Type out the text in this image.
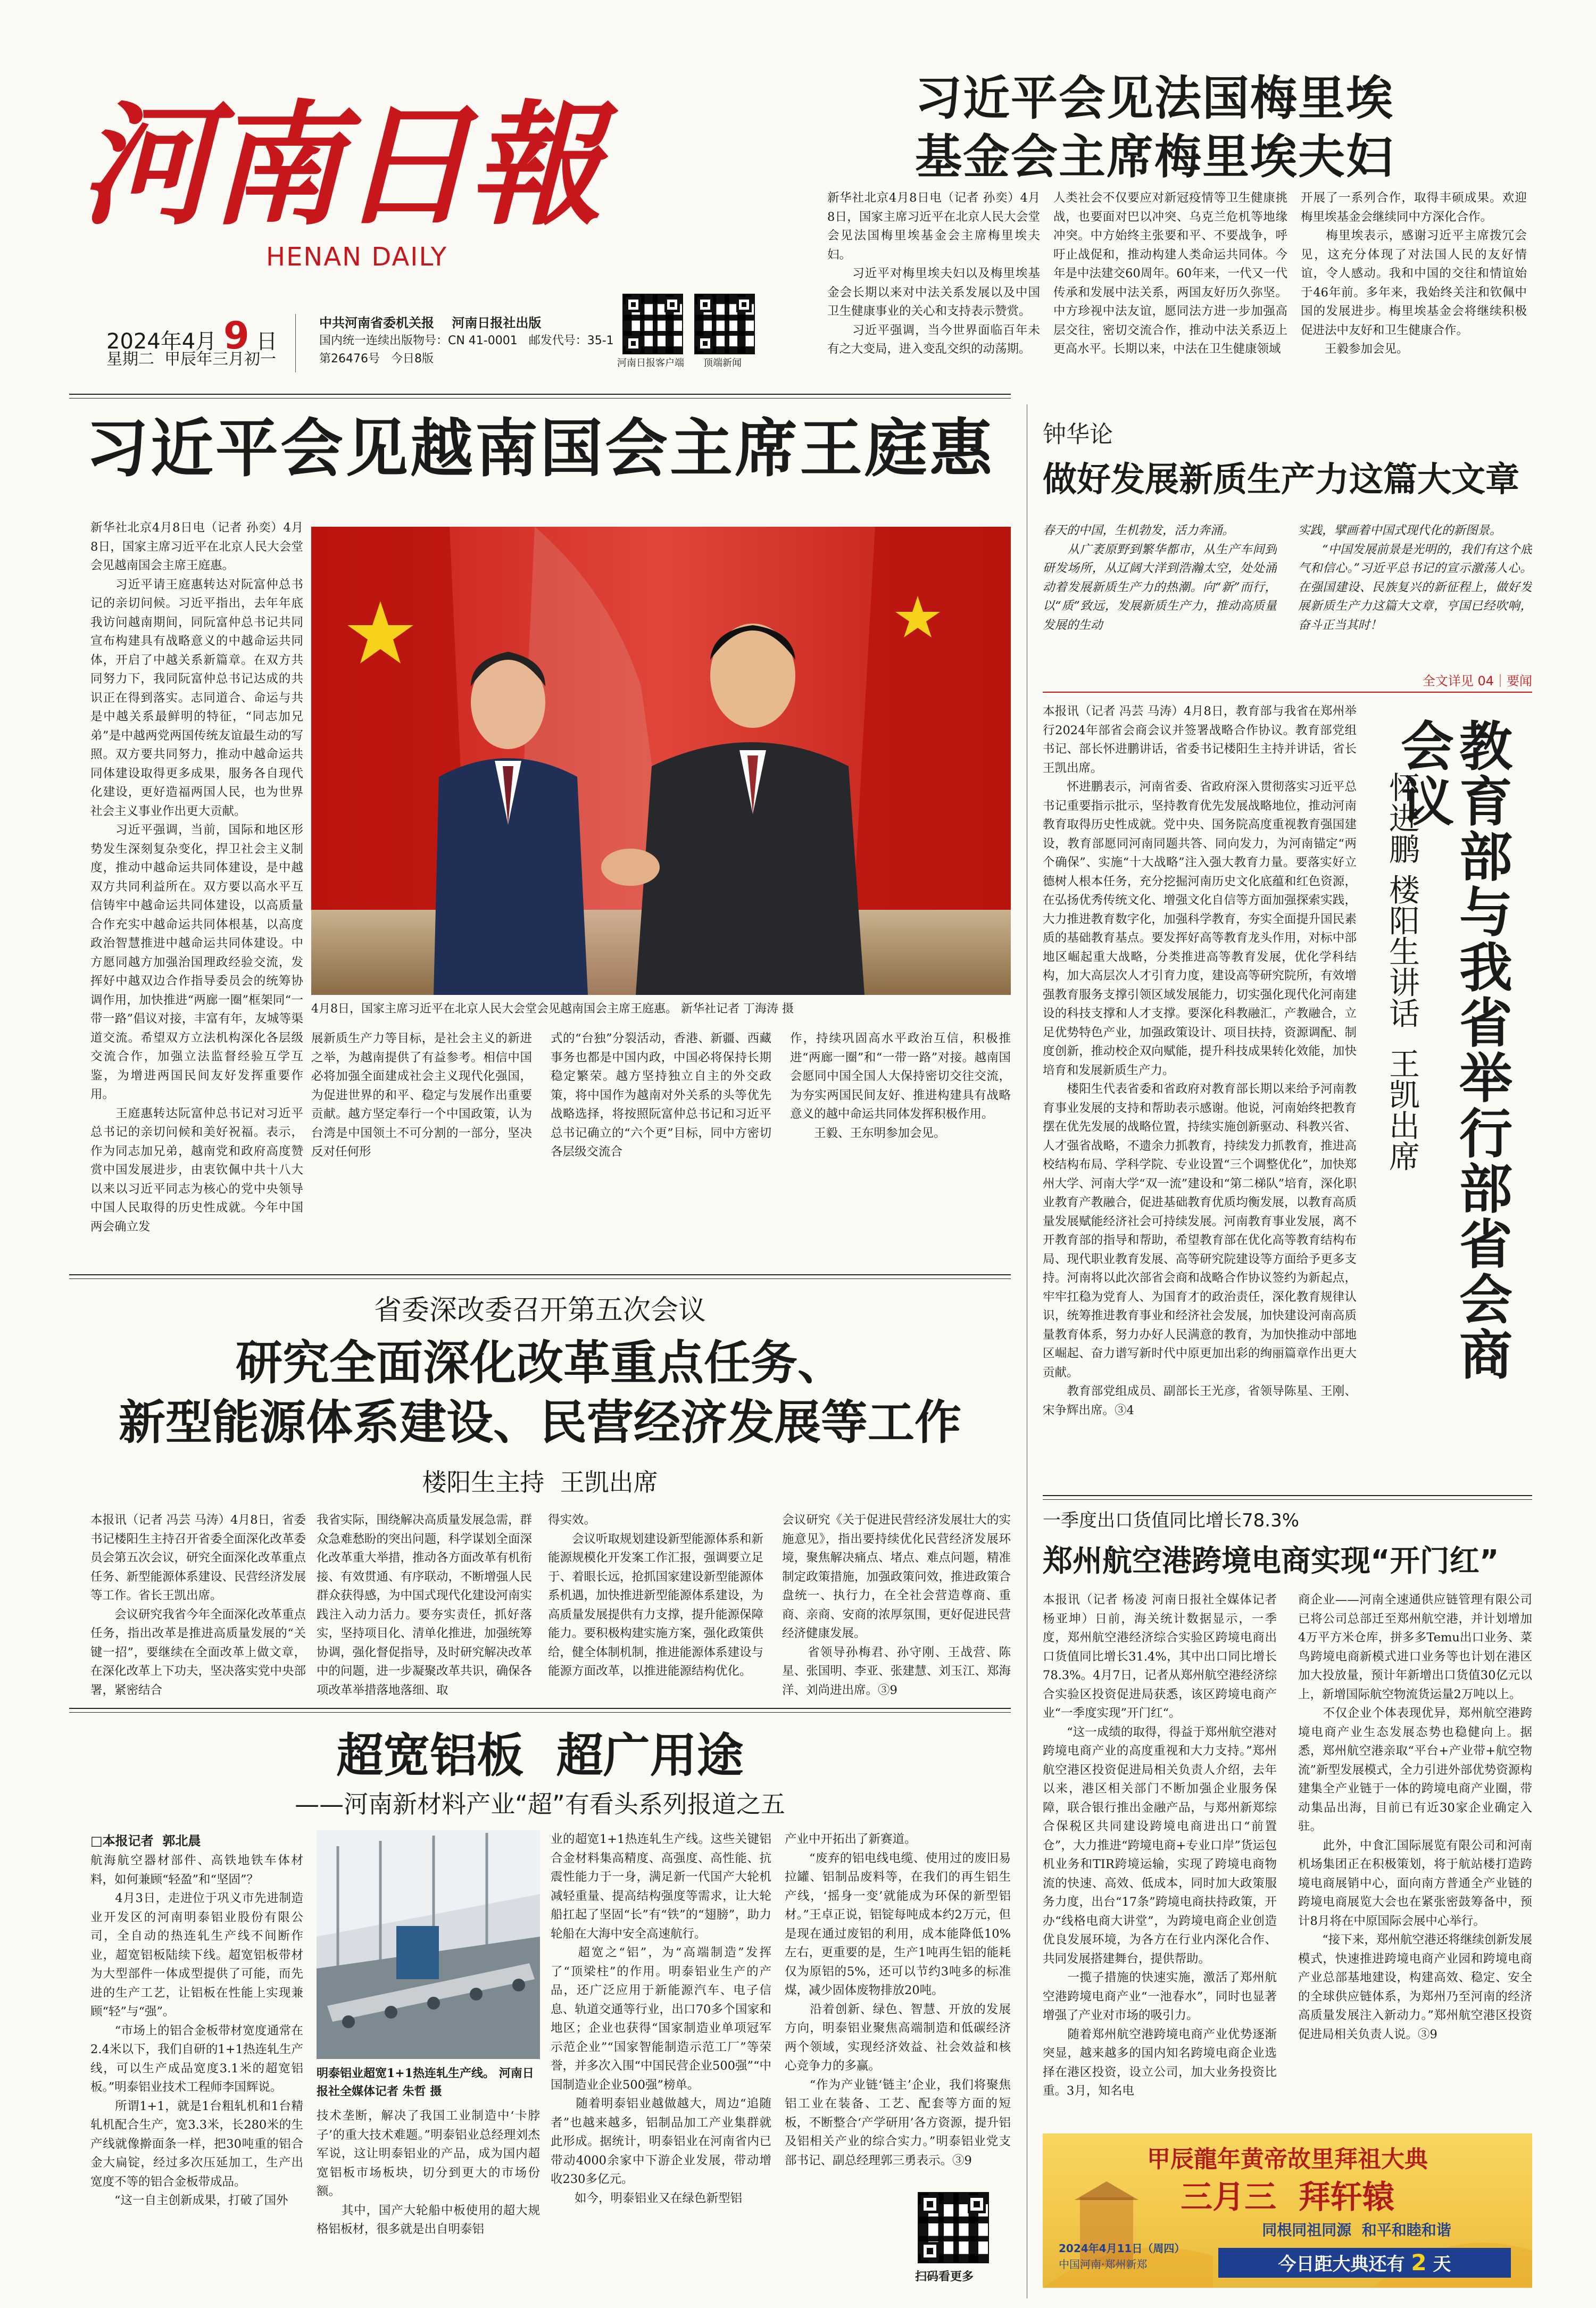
河南日報
HENAN DAILY
2024年4月 9 日
星期二  甲辰年三月初一
中共河南省委机关报    河南日报社出版
国内统一连续出版物号：CN 41-0001   邮发代号：35-1
第26476号   今日8版	河南日报客户端 顶端新闻
习近平会见法国梅里埃
基金会主席梅里埃夫妇
新华社北京4月8日电（记者 孙奕）4月8日，国家主席习近平在北京人民大会堂会见法国梅里埃基金会主席梅里埃夫妇。
　　习近平对梅里埃夫妇以及梅里埃基金会长期以来对中法关系发展以及中国卫生健康事业的关心和支持表示赞赏。
　　习近平强调，当今世界面临百年未有之大变局，进入变乱交织的动荡期。
人类社会不仅要应对新冠疫情等卫生健康挑战，也要面对巴以冲突、乌克兰危机等地缘冲突。中方始终主张要和平、不要战争，呼吁止战促和，推动构建人类命运共同体。今年是中法建交60周年。60年来，一代又一代传承和发展中法关系，两国友好历久弥坚。中方珍视中法友谊，愿同法方进一步加强高层交往，密切交流合作，推动中法关系迈上更高水平。长期以来，中法在卫生健康领域
开展了一系列合作，取得丰硕成果。欢迎梅里埃基金会继续同中方深化合作。
　　梅里埃表示，感谢习近平主席拨冗会见，这充分体现了对法国人民的友好情谊，令人感动。我和中国的交往和情谊始于46年前。多年来，我始终关注和钦佩中国的发展进步。梅里埃基金会将继续积极促进法中友好和卫生健康合作。
　　王毅参加会见。
习近平会见越南国会主席王庭惠
新华社北京4月8日电（记者 孙奕）4月8日，国家主席习近平在北京人民大会堂会见越南国会主席王庭惠。
　　习近平请王庭惠转达对阮富仲总书记的亲切问候。习近平指出，去年年底我访问越南期间，同阮富仲总书记共同宣布构建具有战略意义的中越命运共同体，开启了中越关系新篇章。在双方共同努力下，我同阮富仲总书记达成的共识正在得到落实。志同道合、命运与共是中越关系最鲜明的特征，“同志加兄弟”是中越两党两国传统友谊最生动的写照。双方要共同努力，推动中越命运共同体建设取得更多成果，服务各自现代化建设，更好造福两国人民，也为世界社会主义事业作出更大贡献。
　　习近平强调，当前，国际和地区形势发生深刻复杂变化，捍卫社会主义制度，推动中越命运共同体建设，是中越双方共同利益所在。双方要以高水平互信铸牢中越命运共同体建设，以高质量合作充实中越命运共同体根基，以高度政治智慧推进中越命运共同体建设。中方愿同越方加强治国理政经验交流，发挥好中越双边合作指导委员会的统筹协调作用，加快推进“两廊一圈”框架同“一带一路”倡议对接，丰富有年，友城等渠道交流。希望双方立法机构深化各层级交流合作，加强立法监督经验互学互鉴，为增进两国民间友好发挥重要作用。
　　王庭惠转达阮富仲总书记对习近平总书记的亲切问候和美好祝福。表示，作为同志加兄弟，越南党和政府高度赞赏中国发展进步，由衷钦佩中共十八大以来以习近平同志为核心的党中央领导中国人民取得的历史性成就。今年中国两会确立发
4月8日，国家主席习近平在北京人民大会堂会见越南国会主席王庭惠。 新华社记者 丁海涛 摄
展新质生产力等目标，是社会主义的新进之举，为越南提供了有益参考。相信中国必将加强全面建成社会主义现代化强国，为促进世界的和平、稳定与发展作出重要贡献。越方坚定奉行一个中国政策，认为台湾是中国领土不可分割的一部分，坚决反对任何形
式的“台独”分裂活动，香港、新疆、西藏事务也都是中国内政，中国必将保持长期稳定繁荣。越方坚持独立自主的外交政策，将中国作为越南对外关系的头等优先战略选择，将按照阮富仲总书记和习近平总书记确立的“六个更”目标，同中方密切各层级交流合
作，持续巩固高水平政治互信，积极推进“两廊一圈”和“一带一路”对接。越南国会愿同中国全国人大保持密切交往交流，为夯实两国民间友好、推进构建具有战略意义的越中命运共同体发挥积极作用。
　　王毅、王东明参加会见。
钟华论
做好发展新质生产力这篇大文章
春天的中国，生机勃发，活力奔涌。
　　从广袤原野到繁华都市，从生产车间到研发场所，从辽阔大洋到浩瀚太空，处处涌动着发展新质生产力的热潮。向“新”而行，以“质”致远，发展新质生产力，推动高质量发展的生动
实践，擘画着中国式现代化的新图景。
　　“中国发展前景是光明的，我们有这个底气和信心。”习近平总书记的宣示激荡人心。在强国建设、民族复兴的新征程上，做好发展新质生产力这篇大文章，亨国已经吹响，奋斗正当其时！
全文详见 04｜要闻
本报讯（记者 冯芸 马涛）4月8日，教育部与我省在郑州举行2024年部省会商会议并签署战略合作协议。教育部党组书记、部长怀进鹏讲话，省委书记楼阳生主持并讲话，省长王凯出席。
　　怀进鹏表示，河南省委、省政府深入贯彻落实习近平总书记重要指示批示，坚持教育优先发展战略地位，推动河南教育取得历史性成就。党中央、国务院高度重视教育强国建设，教育部愿同河南同题共答、同向发力，为河南锚定“两个确保”、实施“十大战略”注入强大教育力量。要落实好立德树人根本任务，充分挖掘河南历史文化底蕴和红色资源，在弘扬优秀传统文化、增强文化自信等方面加强探索实践，大力推进教育数字化，加强科学教育，夯实全面提升国民素质的基础教育基点。要发挥好高等教育龙头作用，对标中部地区崛起重大战略，分类推进高等教育发展，优化学科结构，加大高层次人才引育力度，建设高等研究院所，有效增强教育服务支撑引领区域发展能力，切实强化现代化河南建设的科技支撑和人才支撑。要深化科教融汇，产教融合，立足优势特色产业，加强政策设计、项目扶持，资源调配、制度创新，推动校企双向赋能，提升科技成果转化效能，加快培育和发展新质生产力。
　　楼阳生代表省委和省政府对教育部长期以来给予河南教育事业发展的支持和帮助表示感谢。他说，河南始终把教育摆在优先发展的战略位置，持续实施创新驱动、科教兴省、人才强省战略，不遗余力抓教育，持续发力抓教育，推进高校结构布局、学科学院、专业设置“三个调整优化”，加快郑州大学、河南大学“双一流”建设和“第二梯队”培育，深化职业教育产教融合，促进基础教育优质均衡发展，以教育高质量发展赋能经济社会可持续发展。河南教育事业发展，离不开教育部的指导和帮助，希望教育部在优化高等教育结构布局、现代职业教育发展、高等研究院建设等方面给予更多支持。河南将以此次部省会商和战略合作协议签约为新起点，牢牢扛稳为党育人、为国育才的政治责任，深化教育规律认识，统筹推进教育事业和经济社会发展，加快建设河南高质量教育体系，努力办好人民满意的教育，为加快推动中部地区崛起、奋力谱写新时代中原更加出彩的绚丽篇章作出更大贡献。
　　教育部党组成员、副部长王光彦，省领导陈星、王刚、宋争辉出席。③4
教育部与我省举行部省会商会议
怀进鹏 楼阳生讲话  王凯出席
省委深改委召开第五次会议
研究全面深化改革重点任务、
新型能源体系建设、民营经济发展等工作
楼阳生主持  王凯出席
本报讯（记者 冯芸 马涛）4月8日，省委书记楼阳生主持召开省委全面深化改革委员会第五次会议，研究全面深化改革重点任务、新型能源体系建设、民营经济发展等工作。省长王凯出席。
　　会议研究我省今年全面深化改革重点任务，指出改革是推进高质量发展的“关键一招”，要继续在全面改革上做文章，在深化改革上下功夫，坚决落实党中央部署，紧密结合
我省实际，围绕解决高质量发展急需，群众急难愁盼的突出问题，科学谋划全面深化改革重大举措，推动各方面改革有机衔接、有效贯通、有序联动，不断增强人民群众获得感，为中国式现代化建设河南实践注入动力活力。要夯实责任，抓好落实，坚持项目化、清单化推进，加强统筹协调，强化督促指导，及时研究解决改革中的问题，进一步凝聚改革共识，确保各项改革举措落地落细、取
得实效。
　　会议听取规划建设新型能源体系和新能源规模化开发案工作汇报，强调要立足于、着眼长远，抢抓国家建设新型能源体系机遇，加快推进新型能源体系建设，为高质量发展提供有力支撑，提升能源保障能力。要积极构建实施方案，强化政策供给，健全体制机制，推进能源体系建设与能源方面改革，以推进能源结构优化。
会议研究《关于促进民营经济发展壮大的实施意见》，指出要持续优化民营经济发展环境，聚焦解决痛点、堵点、难点问题，精准制定政策措施，加强政策问效，推进政策合盘统一、执行力，在全社会营造尊商、重商、亲商、安商的浓厚氛围，更好促进民营经济健康发展。
　　省领导孙梅君、孙守刚、王战营、陈星、张国明、李亚、张建慧、刘玉江、郑海洋、刘尚进出席。③9
超宽铝板  超广用途
——河南新材料产业“超”有看头系列报道之五
□本报记者  郭北晨
航海航空器材部件、高铁地铁车体材料，如何兼顾“轻盈”和“坚固”？
　　4月3日，走进位于巩义市先进制造业开发区的河南明泰铝业股份有限公司，全自动的热连轧生产线不间断作业，超宽铝板陆续下线。超宽铝板带材为大型部件一体成型提供了可能，而先进的生产工艺，让铝板在性能上实现兼顾“轻”与“强”。
　　“市场上的铝合金板带材宽度通常在2.4米以下，我们自研的1+1热连轧生产线，可以生产成品宽度3.1米的超宽铝板。”明泰铝业技术工程师李国辉说。
　　所谓1+1，就是1台粗轧机和1台精轧机配合生产，宽3.3米，长280米的生产线就像擀面条一样，把30吨重的铝合金大扁锭，经过多次压延加工，生产出宽度不等的铝合金板带成品。
　　“这一自主创新成果，打破了国外
明泰铝业超宽1+1热连轧生产线。 河南日报社全媒体记者 朱哲 摄
技术垄断，解决了我国工业制造中‘卡脖子’的重大技术难题。”明泰铝业总经理刘杰军说，这让明泰铝业的产品，成为国内超宽铝板市场板块，切分到更大的市场份额。
　　其中，国产大轮船中板使用的超大规格铝板材，很多就是出自明泰铝
业的超宽1+1热连轧生产线。这些关键铝合金材料集高精度、高强度、高性能、抗震性能力于一身，满足新一代国产大轮机减轻重量、提高结构强度等需求，让大轮船扛起了坚固“长”有“铁”的“翅膀”，助力轮船在大海中安全高速航行。
　　超宽之“铝”，为“高端制造”发挥了“顶梁柱”的作用。明泰铝业生产的产品，还广泛应用于新能源汽车、电子信息、轨道交通等行业，出口70多个国家和地区；企业也获得“国家制造业单项冠军示范企业”“国家智能制造示范工厂”等荣誉，并多次入围“中国民营企业500强”“中国制造业企业500强”榜单。
　　随着明泰铝业越做越大，周边“追随者”也越来越多，铝制品加工产业集群就此形成。据统计，明泰铝业在河南省内已带动4000余家中下游企业发展，带动增收230多亿元。
　　如今，明泰铝业又在绿色新型铝
产业中开拓出了新赛道。
　　“废弃的铝电线电缆、使用过的废旧易拉罐、铝制品废料等，在我们的再生铝生产线，‘摇身一变’就能成为环保的新型铝材。”王卓正说，铝锭每吨成本约2万元，但是现在通过废铝的利用，成本能降低10%左右，更重要的是，生产1吨再生铝的能耗仅为原铝的5%，还可以节约3吨多的标准煤，减少固体废物排放20吨。
　　沿着创新、绿色、智慧、开放的发展方向，明泰铝业聚焦高端制造和低碳经济两个领域，实现经济效益、社会效益和核心竞争力的多赢。
　　“作为产业链‘链主’企业，我们将聚焦铝工业在装备、工艺、配套等方面的短板，不断整合‘产学研用’各方资源，提升铝及铝相关产业的综合实力。”明泰铝业党支部书记、副总经理郭三勇表示。③9
扫码看更多
一季度出口货值同比增长78.3%
郑州航空港跨境电商实现“开门红”
本报讯（记者 杨凌 河南日报社全媒体记者 杨亚坤）日前，海关统计数据显示，一季度，郑州航空港经济综合实验区跨境电商出口货值同比增长31.4%，其中出口同比增长78.3%。4月7日，记者从郑州航空港经济综合实验区投资促进局获悉，该区跨境电商产业“一季度实现”开门红“。
　　“这一成绩的取得，得益于郑州航空港对跨境电商产业的高度重视和大力支持。”郑州航空港区投资促进局相关负责人介绍，去年以来，港区相关部门不断加强企业服务保障，联合银行推出金融产品，与郑州新郑综合保税区共同建设跨境电商进出口“前置仓”，大力推进“跨境电商+专业口岸”货运包机业务和TIR跨境运输，实现了跨境电商物流的快速、高效、低成本，同时加大政策服务力度，出台“17条”跨境电商扶持政策，开办“线格电商大讲堂”，为跨境电商企业创造优良发展环境，为各方在行业内深化合作、共同发展搭建舞台，提供帮助。
　　一揽子措施的快速实施，激活了郑州航空港跨境电商产业“一池春水”，同时也显著增强了产业对市场的吸引力。
　　随着郑州航空港跨境电商产业优势逐渐突显，越来越多的国内知名跨境电商企业选择在港区投资，设立公司，加大业务投资比重。3月，知名电
商企业——河南全速通供应链管理有限公司已将公司总部迁至郑州航空港，并计划增加4万平方米仓库，拼多多Temu出口业务、菜鸟跨境电商新模式进口业务等也计划在港区加大投放量，预计年新增出口货值30亿元以上，新增国际航空物流货运量2万吨以上。
　　不仅企业个体表现优异，郑州航空港跨境电商产业生态发展态势也稳健向上。据悉，郑州航空港亲取“平台+产业带+航空物流”新型发展模式，全力引进外部优势资源构建集全产业链于一体的跨境电商产业圈，带动集品出海，目前已有近30家企业确定入驻。
　　此外，中食汇国际展览有限公司和河南机场集团正在积极策划，将于航站楼打造跨境电商展销中心，面向南方普通全产业链的跨境电商展览大会也在紧张密鼓筹备中，预计8月将在中原国际会展中心举行。
　　“接下来，郑州航空港还将继续创新发展模式，快速推进跨境电商产业园和跨境电商产业总部基地建设，构建高效、稳定、安全的全球供应链体系，为郑州乃至河南的经济高质量发展注入新动力。”郑州航空港区投资促进局相关负责人说。③9
甲辰龍年黄帝故里拜祖大典
三月三  拜轩辕
同根同祖同源  和平和睦和谐
2024年4月11日（周四）
中国河南·郑州新郑	今日距大典还有 2 天
